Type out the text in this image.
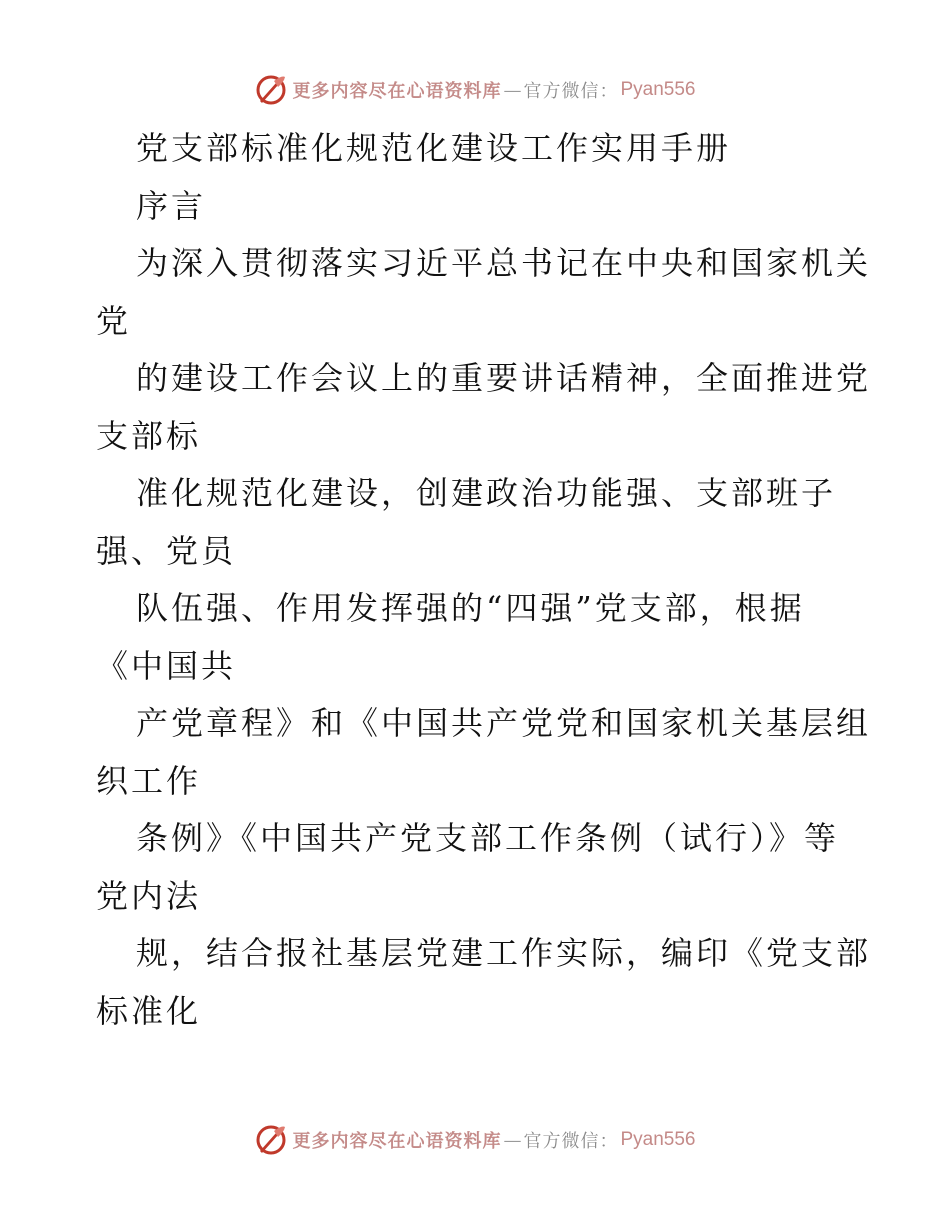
更多内容尽在心语资料库 — 官方微信： Pyan556
党支部标准化规范化建设工作实用手册
序言
为深入贯彻落实习近平总书记在中央和国家机关
党
的建设工作会议上的重要讲话精神，全面推进党
支部标
准化规范化建设，创建政治功能强、支部班子
强、党员
队伍强、作用发挥强的“四强”党支部，根据
《中国共
产党章程》和《中国共产党党和国家机关基层组
织工作
条例》《中国共产党支部工作条例（试行）》等
党内法
规，结合报社基层党建工作实际，编印《党支部
标准化
更多内容尽在心语资料库 — 官方微信： Pyan556
